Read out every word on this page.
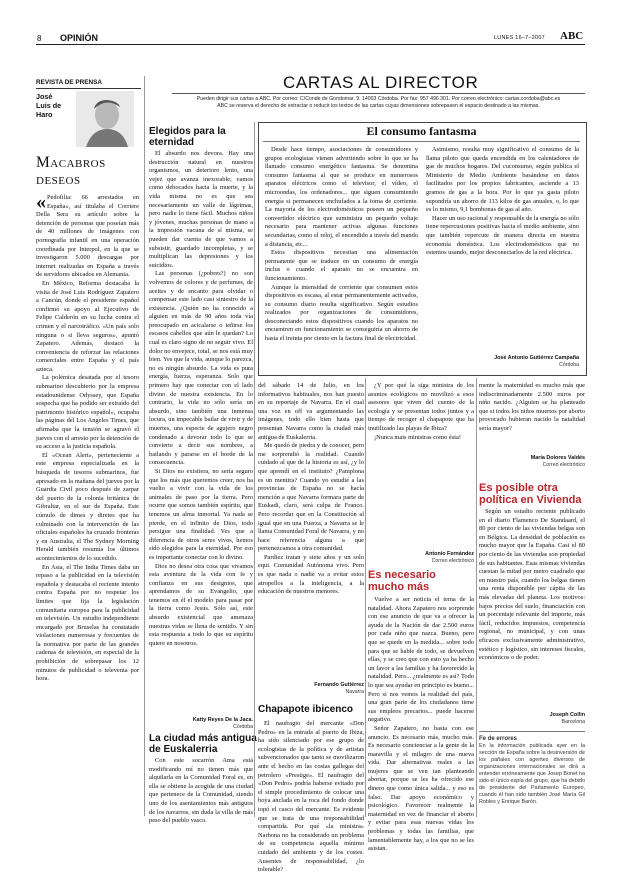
8 OPINIÓN	LUNES 16–7–2007 ABC
REVISTA DE PRENSA
José Luis de Haro
Macabros deseos

« Pedofilia: 66 arrestados en España», así titulaba el Corriere Della Sera su artículo sobre la detención de personas que poseían más de 40 millones de imágenes con pornografía infantil en una operación coordinada por Interpol, en la que se investigaron 5.000 descargas por internet realizadas en España a través de servidores ubicados en Alemania.

En México, Reforma destacaba la visita de José Luis Rodríguez Zapatero a Cancún, donde el presidente español confirmó su apoyo al Ejecutivo de Felipe Calderón en su lucha contra el crimen y el narcotráfico. «Un país solo ninguna o si lleva seguros», apuntó Zapatero. Además, destacó la conveniencia de reforzar las relaciones comerciales entre España y el país azteca.

La polémica desatada por el tesoro submarino descubierto por la empresa estadounidense Odyssey, que España sospecha que ha podido ser extraído del patrimonio histórico español», ocupaba las páginas del Los Angeles Times, que afirmaba que la tensión se agravó el jueves con el arresto por la detención de su acceso a la justicia española.

El «Ocean Alert», perteneciente a este empresa especializada en la búsqueda de tesoros submarinos, fue apresado en la mañana del jueves por la Guardia Civil poco después de zarpar del puerto de la colonia británica de Gibraltar, en el sur de España. Este cúmulo de dimes y diretes que ha culminado con la intervención de las oficiales españoles ha cruzado fronteras y en Australia, el The Sydney Morning Herald también resumía los últimos acontecimientos de lo sucedido.

En Asia, el The India Times daba un repaso a la publicidad en la televisión española y destacaba el reciente intento contra España por no respetar los límites que fija la legislación comunitaria europea para la publicidad en televisión. Un estudio independiente encargado por Bruselas ha constatado violaciones numerosas y frecuentes de la normativa por parte de las grandes cadenas de televisión, en especial de la prohibición de sobrepasar los 12 minutos de publicidad o televenta por hora.

CARTAS AL DIRECTOR
Pueden dirigir sus cartas a ABC. Por correo: C/Conde de Gondomar, 9. 14003 Córdoba. Por fax: 957 496 301. Por correo electrónico: cartas.cordoba@abc.es
ABC se reserva el derecho de extractar o reducir los textos de las cartas cuyas dimensiones sobrepasen el espacio destinado a las mismas.
Elegidos para la eternidad

El absurdo nos devora. Hay una destrucción natural en nuestros organismos, un deterioro lento, una vejez que avanza inexorable; vamos como debocados hacia la muerte, y la vida misma no es que sea necesariamente un valle de lágrimas, pero nadie lo tiene fácil. Muchos niños y jóvenes, muchas personas de mano a la impresión vacuna de sí misma, se pueden dar cuenta de que vamos a subsistir, guardado incompletas, y se multiplican las depresiones y los suicidios.

Las personas (¿pobres?) no son volvemos de colores y de perfumes, de aceites y de encanto para olvidar o compensar este lado casi siniestro de la existencia. ¿Quién no ha conocido a alguien en más de 90 años toda vía preocupado en acicalarse o teñirse los escasos cabellos que aún le quedan? Lo cual es claro signo de no seguir vivo. El dolor no envejece, total, se nos está muy bien. Yes que la vida, aunque lo parezca, no es ningún absurdo. La vida es pura energía, fuerza, esperanza. Solo que primero hay que conectar con el lado divino de nuestra existencia. En lo contrario, la vida no sólo sería un absurdo, sino también una inmensa locura, un impecable bailar de vivir y de muertes, una especie de agujero negro condenado a devorar todo lo que se convierte a decir sus nombres, a bailando y pararse en el borde de la consecuencia.

Si Dios no existiera, no sería seguro que los más que queremos creer, nos ha vuelto a vivir con la vida de los animales de paso por la tierra. Pero ocurre que somos también espíritu, que tenemos un alma inmortal. Ya nada se pierde, en el infinito de Dios, todo persigue una finalidad. Yes que a diferencia de otros seres vivos, hemos sido elegidos para la eternidad. Por eso es importante conectar con lo divino.

Dios no desea otra cosa que vivamos esta aventura de la vida con fe y confianza en sus designios, que aprendamos de su Evangelio, que tenemos en él el modelo para pasar por la tierra como Jesús. Sólo así, este absurdo existencial que amenaza nuestras vidas se llena de sentido. Y sin esta respuesta a todo lo que su espíritu quiere en nosotros.

Katty Reyes De la Jaca.
Córdoba
La ciudad más antigua de Euskalerria

Con este socarrón Ama está modificando mí no tienen más que alquilarla en la Comunidad Foral es, en ella se obtiene la acogida de una ciudad que pertenece de la Comunidad, siendo uno de los asentamientos más antiguos de los navarros, sin duda la villa de más peso del pueblo vasco.

El consumo fantasma

Desde hace tiempo, asociaciones de consumidores y grupos ecologistas vienen advirtiendo sobre lo que se ha llamado consumo energético fantasma. Se denomina consumo fantasma al que se produce en numerosos aparatos eléctricos como el televisor, el vídeo, el microondas, los ordenadores... que siguen consumiendo energía si permanecen enchufados a la toma de corriente. La mayoría de los electrodomésticos poseen un pequeño convertidor eléctrico que suministra un pequeño voltaje necesario para mantener activas algunas funciones secundarias, como el reloj, el encendido a través del mando a distancia, etc...

Estos dispositivos necesitan una alimentación permanente que se traduce en un consumo de energía inclus o cuando el aparato no se encuentra en funcionamiento.

Aunque la intensidad de corriente que consumen estos dispositivos es escasa, al estar permanentemente activados, su consumo diario resulta significativo. Según estudios realizados por organizaciones de consumidores, desconectando estos dispositivos cuando los aparatos no encuentren en funcionamiento se conseguiría un ahorro de hasta el treinta por ciento en la factura final de electricidad.

Asimismo, resulta muy significativo el consumo de la llama piloto que queda encendida en los calentadores de gas de muchos hogares. Del cuconsumo, según publica el Ministerio de Medio Ambiente basándose en datos facilitados por los propios fabricantes, asciende a 13 gramos de gas a la hora. Por lo que ya gasta piloto supondría un ahorro de 113 kilos de gas anuales, o, lo que es lo mismo, 9,1 bombonas de gas al año.

Hacer un uso racional y responsable de la energía no sólo tiene repercusiones positivas hacia el medio ambiente, sino que también repercute de manera directa en nuestra economía doméstica. Los electrodomésticos que no estemos usando, mejor desconectarlos de la red eléctrica.

José Antonio Gutiérrez Campaña
Córdoba

del sábado 14 de Julio, en los informativos habituales, nos han puesto en su reportaje de Navarra. En el cual una voz en off va argumentando las imágenes, todo ello bien hasta que presentan Navarra como la ciudad más antigua de Euskalerria.

Me quedó de piedra y de conocer, pero me sorprendió la realidad. Cuando cuidado al que de la historia es así, ¿y lo que aprendí en el instituto? ¿Pamplona es un mentira? Cuando yo estudié a las provincias de España no se hacía mención a que Navarra formara parte de Euskadi, claro, será culpa de Franco. Pero recordar que en la Constitución al igual que en una Fuerza, a Navarra se le llama Comunidad Foral de Navarra, y no hace referencia alguna a que pertenezcamos a otra comunidad.

Pardiez tratan y siete años y un solo equi. Comunidad Autónoma vivo. Pero es que nada o nadie va a evitar estos atropellos a la inteligencia, a la educación de nuestros menores.

Fernando Gutiérrez
Navarra
Chapapote ibicenco

El naufragio del mercante «Don Pedro» en la entrada al puerto de Ibiza, ha sido silenciado por ese grupo de ecologistas de la política y de artistas subvencionados que tanto se movilizaron ante el hecho en las costas gallegas del petrolero «Prestige». El naufragio del «Don Pedro» podría haberse evitado por el simple procedimiento de colocar una boya anclada en la roca del fondo donde topó el casco del mercante. Es evidente que se trata de una responsabilidad compartida. Por qué «la ministra» Narbona no ha considerado un problema de su competencia aquella mínimo cuidado del ambiente y de los costes. Ausentes de responsabilidad, ¿lo tolerable?

¿Y por qué la siga ministra de los asuntos ecológicos no movilizó a esos asesores que viven del cuento de la ecología y se presentan todos juntos y a tiempo de recoger el chapapote que ha inutilizado las playas de Ibiza?

¡Nunca mais ministras como ésta!

Antonio Fernández
Correo electrónico
Es necesario mucho más

Vuelve a ser noticia el tema de la natalidad. Ahora Zapatero nos sorprende con ese anuncio de que va a ofrecer la ayuda de la Nación de dar 2.500 euros por cada niño que nazca. Bueno, pero que se quede en la medida... sobre todo para que se hable de todo, se devuelven ellas, y se creo que con esto ya ha hecho un favor a las familias y ha favorecido la natalidad. Pero... ¿realmente es así? Todo lo que sea ayudar en principio es bueno... Pero si nos vemos la realidad del país, una gran parte de los ciudadanos tiene sus empleos precarios... puede hacerse negativo.

Señor Zapatero, no basta con ese anuncio. Es necesario más, mucho más. Es necesario concienciar a la gente de la maravilla y el milagro de una nueva vida. Dar alternativas reales a las mujeres que se ven tan planteando abortar, porque se les ha ofrecido ese dinero que como única salida... y eso es falso. Dar apoyo económico y psicológico. Favorecer realmente la maternidad en vez de financiar el aborto y evitar para esas nuevas vidas los problemas y todas las familias, que lamentablemente hay, a los que no se les asistan.

mente la maternidad es mucho más que indiscriminadamente 2.500 euros por niño nacido. ¿Alguien se ha planteado que si todos los niños muertos por aborto provocado hubieran nacido la natalidad sería mayor?

María Dolores Valdés
Correo electrónico
Es posible otra política en Vivienda

Según un estudio reciente publicado en el diario Flamenco De Standaard, el 80 por ciento de las viviendas belgas son en Bélgica. La densidad de población es mucho mayor que la España. Casi el 80 por ciento de las viviendas son propiedad de sus habitantes. Esas mismas viviendas cuestan la mitad por metro cuadrado que en nuestro país, cuando los belgas tienen una renta disponible per cápita de las más elevadas del planeta. Los motivos: bajos precios del suelo, financiación con un porcentaje relevante del importe, más fácil, reducidos impuestos, competencia regional, no municipal, y con unas eficaces exclusivamente administrativo, estético y logístico, sin intereses fiscales, económicos o de poder.

Joseph Collin
Barcelona
Fe de errores

En la información publicada ayer en la sección de España sobre la desinversión de los pañales con agentes diversos de organizaciones internacionales se dirá a entender erróneamente que Josep Bonet ha sido el único espía del grupo, que ha debido de presidente del Parlamento Europeo, cuando él han sido también José María Gil Robles y Enrique Barón.
